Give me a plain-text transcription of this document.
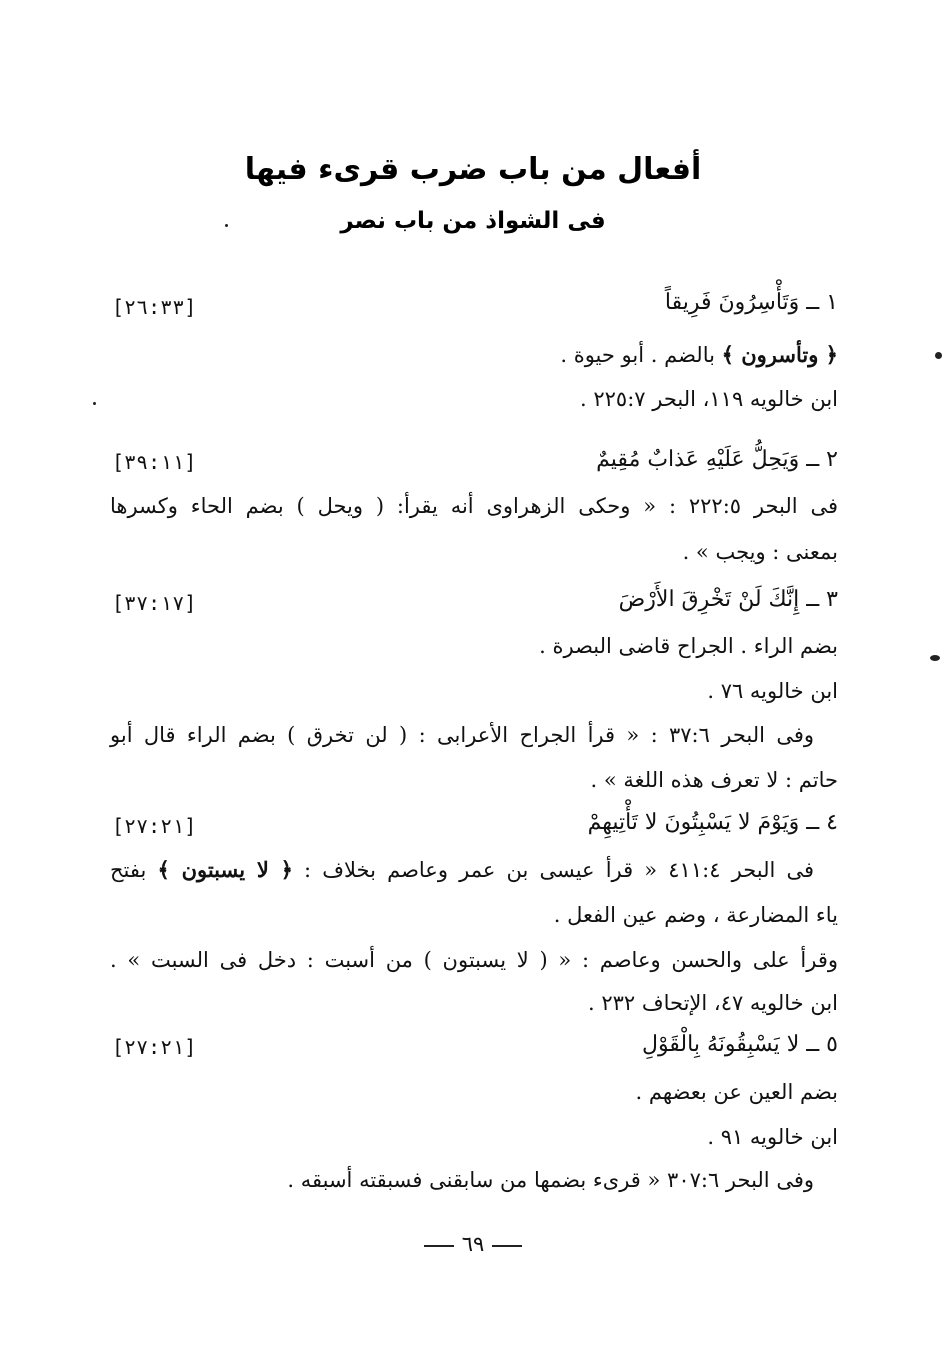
أفعال من باب ضرب قرىء فيها
فى الشواذ من باب نصر
١ ــ وَتَأْسِرُونَ فَرِيقاً
[٢٦:٣٣]
﴿ وتأسرون ﴾ بالضم . أبو حيوة .
ابن خالويه ١١٩، البحر ٢٢٥:٧ .
٢ ــ وَيَحِلُّ عَلَيْهِ عَذابٌ مُقِيمٌ
[٣٩:١١]
فى البحر ٢٢٢:٥ : « وحكى الزهراوى أنه يقرأ: ( ويحل ) بضم الحاء وكسرها
بمعنى : ويجب » .
٣ ــ إِنَّكَ لَنْ تَخْرِقَ الأَرْضَ
[٣٧:١٧]
بضم الراء . الجراح قاضى البصرة .
ابن خالويه ٧٦ .
وفى البحر ٣٧:٦ : « قرأ الجراح الأعرابى : ( لن تخرق ) بضم الراء قال أبو
حاتم : لا تعرف هذه اللغة » .
٤ ــ وَيَوْمَ لا يَسْبِتُونَ لا تَأْتِيهِمْ
[٢٧:٢١]
فى البحر ٤١١:٤ « قرأ عيسى بن عمر وعاصم بخلاف : ﴿ لا يسبتون ﴾ بفتح
ياء المضارعة ، وضم عين الفعل .
وقرأ على والحسن وعاصم : « ( لا يسبتون ) من أسبت : دخل فى السبت » .
ابن خالويه ٤٧، الإتحاف ٢٣٢ .
٥ ــ لا يَسْبِقُونَهُ بِالْقَوْلِ
[٢٧:٢١]
بضم العين عن بعضهم .
ابن خالويه ٩١ .
وفى البحر ٣٠٧:٦ « قرىء بضمها من سابقنى فسبقته أسبقه .
٦٩
